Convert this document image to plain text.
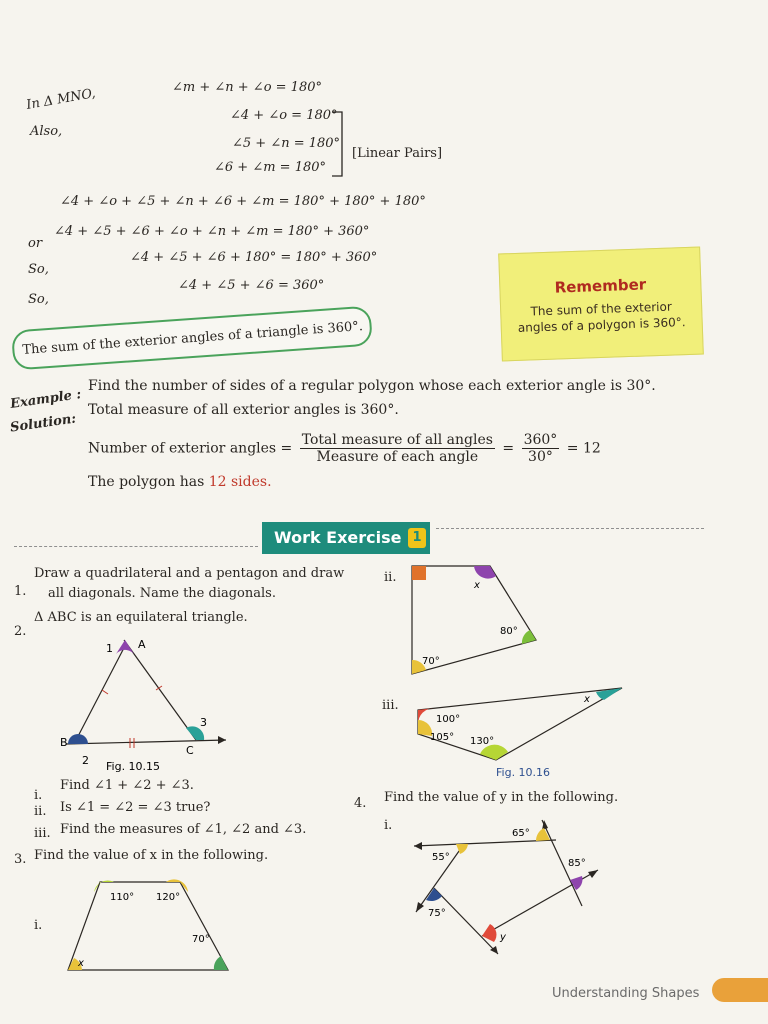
In Δ MNO,
Also,
∠m + ∠n + ∠o = 180°
∠4 + ∠o = 180°
∠5 + ∠n = 180°
∠6 + ∠m = 180°
[Linear Pairs]
∠4 + ∠o + ∠5 + ∠n + ∠6 + ∠m = 180° + 180° + 180°
or
∠4 + ∠5 + ∠6 + ∠o + ∠n + ∠m = 180° + 360°
So,
∠4 + ∠5 + ∠6 + 180° = 180° + 360°
So,
∠4 + ∠5 + ∠6 = 360°	Remember
The sum of the exterior
angles of a polygon is 360°.
The sum of the exterior angles of a triangle is 360°.
Example :
Solution:
Find the number of sides of a regular polygon whose each exterior angle is 30°.
Total measure of all exterior angles is 360°.
Number of exterior angles = $\frac{\text{Total measure of all angles}}{\text{Measure of each angle}} = \frac{360^\circ}{30^\circ} = 12$
The polygon has 12 sides.
Work Exercise 1
1.
Draw a quadrilateral and a pentagon and draw
all diagonals. Name the diagonals.
2.
Δ ABC is an equilateral triangle.
A
1
B
2
C
3
Fig. 10.15
i.
Find ∠1 + ∠2 + ∠3.
ii. Is ∠1 = ∠2 = ∠3 true?
iii. Find the measures of ∠1, ∠2 and ∠3.
3. Find the value of x in the following.
i.
110° 120°
70°
x
ii.
x
80°
70°
iii.
100°
105° 130°
x
Fig. 10.16
4. Find the value of y in the following.
i.
65°
55°
85°
75°
y
Understanding Shapes
